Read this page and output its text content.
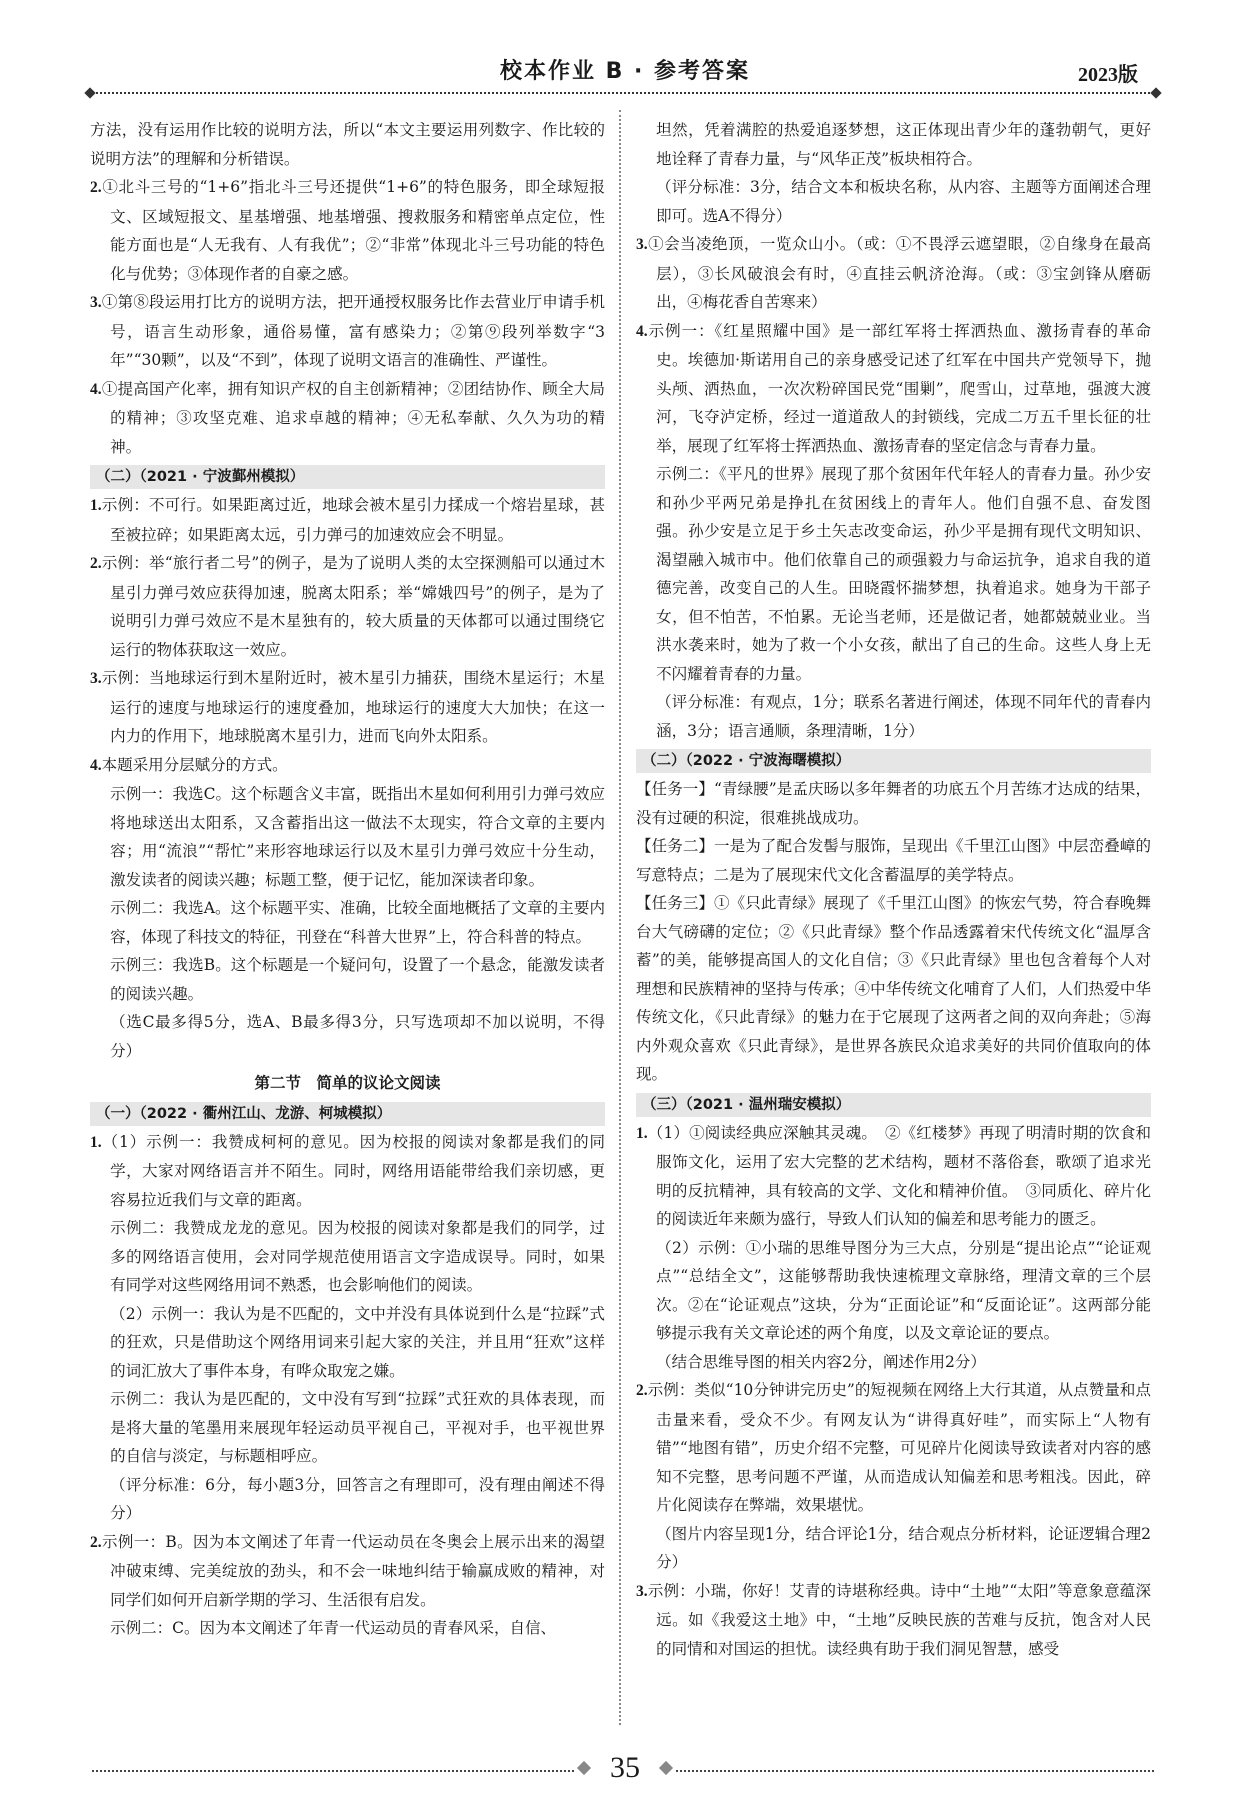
校本作业 B · 参考答案	2023版

方法，没有运用作比较的说明方法，所以“本文主要运用列数字、作比较的说明方法”的理解和分析错误。

2.①北斗三号的“1+6”指北斗三号还提供“1+6”的特色服务，即全球短报文、区域短报文、星基增强、地基增强、搜救服务和精密单点定位，性能方面也是“人无我有、人有我优”；②“非常”体现北斗三号功能的特色化与优势；③体现作者的自豪之感。

3.①第⑧段运用打比方的说明方法，把开通授权服务比作去营业厅申请手机号，语言生动形象，通俗易懂，富有感染力；②第⑨段列举数字“3年”“30颗”，以及“不到”，体现了说明文语言的准确性、严谨性。

4.①提高国产化率，拥有知识产权的自主创新精神；②团结协作、顾全大局的精神；③攻坚克难、追求卓越的精神；④无私奉献、久久为功的精神。

（二）（2021 · 宁波鄞州模拟）

1.示例：不可行。如果距离过近，地球会被木星引力揉成一个熔岩星球，甚至被拉碎；如果距离太远，引力弹弓的加速效应会不明显。

2.示例：举“旅行者二号”的例子，是为了说明人类的太空探测船可以通过木星引力弹弓效应获得加速，脱离太阳系；举“嫦娥四号”的例子，是为了说明引力弹弓效应不是木星独有的，较大质量的天体都可以通过围绕它运行的物体获取这一效应。

3.示例：当地球运行到木星附近时，被木星引力捕获，围绕木星运行；木星运行的速度与地球运行的速度叠加，地球运行的速度大大加快；在这一内力的作用下，地球脱离木星引力，进而飞向外太阳系。

4.本题采用分层赋分的方式。

示例一：我选C。这个标题含义丰富，既指出木星如何利用引力弹弓效应将地球送出太阳系，又含蓄指出这一做法不太现实，符合文章的主要内容；用“流浪”“帮忙”来形容地球运行以及木星引力弹弓效应十分生动，激发读者的阅读兴趣；标题工整，便于记忆，能加深读者印象。

示例二：我选A。这个标题平实、准确，比较全面地概括了文章的主要内容，体现了科技文的特征，刊登在“科普大世界”上，符合科普的特点。

示例三：我选B。这个标题是一个疑问句，设置了一个悬念，能激发读者的阅读兴趣。

（选C最多得5分，选A、B最多得3分，只写选项却不加以说明，不得分）

第二节　简单的议论文阅读
（一）（2022 · 衢州江山、龙游、柯城模拟）

1.（1）示例一：我赞成柯柯的意见。因为校报的阅读对象都是我们的同学，大家对网络语言并不陌生。同时，网络用语能带给我们亲切感，更容易拉近我们与文章的距离。

示例二：我赞成龙龙的意见。因为校报的阅读对象都是我们的同学，过多的网络语言使用，会对同学规范使用语言文字造成误导。同时，如果有同学对这些网络用词不熟悉，也会影响他们的阅读。

（2）示例一：我认为是不匹配的，文中并没有具体说到什么是“拉踩”式的狂欢，只是借助这个网络用词来引起大家的关注，并且用“狂欢”这样的词汇放大了事件本身，有哗众取宠之嫌。

示例二：我认为是匹配的，文中没有写到“拉踩”式狂欢的具体表现，而是将大量的笔墨用来展现年轻运动员平视自己，平视对手，也平视世界的自信与淡定，与标题相呼应。

（评分标准：6分，每小题3分，回答言之有理即可，没有理由阐述不得分）

2.示例一：B。因为本文阐述了年青一代运动员在冬奥会上展示出来的渴望冲破束缚、完美绽放的劲头，和不会一味地纠结于输赢成败的精神，对同学们如何开启新学期的学习、生活很有启发。

示例二：C。因为本文阐述了年青一代运动员的青春风采，自信、

坦然，凭着满腔的热爱追逐梦想，这正体现出青少年的蓬勃朝气，更好地诠释了青春力量，与“风华正茂”板块相符合。

（评分标准：3分，结合文本和板块名称，从内容、主题等方面阐述合理即可。选A不得分）

3.①会当凌绝顶，一览众山小。（或：①不畏浮云遮望眼，②自缘身在最高层），③长风破浪会有时，④直挂云帆济沧海。（或：③宝剑锋从磨砺出，④梅花香自苦寒来）

4.示例一：《红星照耀中国》是一部红军将士挥洒热血、激扬青春的革命史。埃德加·斯诺用自己的亲身感受记述了红军在中国共产党领导下，抛头颅、洒热血，一次次粉碎国民党“围剿”，爬雪山，过草地，强渡大渡河，飞夺泸定桥，经过一道道敌人的封锁线，完成二万五千里长征的壮举，展现了红军将士挥洒热血、激扬青春的坚定信念与青春力量。

示例二：《平凡的世界》展现了那个贫困年代年轻人的青春力量。孙少安和孙少平两兄弟是挣扎在贫困线上的青年人。他们自强不息、奋发图强。孙少安是立足于乡土矢志改变命运，孙少平是拥有现代文明知识、渴望融入城市中。他们依靠自己的顽强毅力与命运抗争，追求自我的道德完善，改变自己的人生。田晓霞怀揣梦想，执着追求。她身为干部子女，但不怕苦，不怕累。无论当老师，还是做记者，她都兢兢业业。当洪水袭来时，她为了救一个小女孩，献出了自己的生命。这些人身上无不闪耀着青春的力量。

（评分标准：有观点，1分；联系名著进行阐述，体现不同年代的青春内涵，3分；语言通顺，条理清晰，1分）

（二）（2022 · 宁波海曙模拟）

【任务一】“青绿腰”是孟庆旸以多年舞者的功底五个月苦练才达成的结果，没有过硬的积淀，很难挑战成功。

【任务二】一是为了配合发髻与服饰，呈现出《千里江山图》中层峦叠嶂的写意特点；二是为了展现宋代文化含蓄温厚的美学特点。

【任务三】①《只此青绿》展现了《千里江山图》的恢宏气势，符合春晚舞台大气磅礴的定位；②《只此青绿》整个作品透露着宋代传统文化“温厚含蓄”的美，能够提高国人的文化自信；③《只此青绿》里也包含着每个人对理想和民族精神的坚持与传承；④中华传统文化哺育了人们，人们热爱中华传统文化，《只此青绿》的魅力在于它展现了这两者之间的双向奔赴；⑤海内外观众喜欢《只此青绿》，是世界各族民众追求美好的共同价值取向的体现。

（三）（2021 · 温州瑞安模拟）

1.（1）①阅读经典应深触其灵魂。　②《红楼梦》再现了明清时期的饮食和服饰文化，运用了宏大完整的艺术结构，题材不落俗套，歌颂了追求光明的反抗精神，具有较高的文学、文化和精神价值。　③同质化、碎片化的阅读近年来颇为盛行，导致人们认知的偏差和思考能力的匮乏。

（2）示例：①小瑞的思维导图分为三大点，分别是“提出论点”“论证观点”“总结全文”，这能够帮助我快速梳理文章脉络，理清文章的三个层次。②在“论证观点”这块，分为“正面论证”和“反面论证”。这两部分能够提示我有关文章论述的两个角度，以及文章论证的要点。

（结合思维导图的相关内容2分，阐述作用2分）

2.示例：类似“10分钟讲完历史”的短视频在网络上大行其道，从点赞量和点击量来看，受众不少。有网友认为“讲得真好哇”，而实际上“人物有错”“地图有错”，历史介绍不完整，可见碎片化阅读导致读者对内容的感知不完整，思考问题不严谨，从而造成认知偏差和思考粗浅。因此，碎片化阅读存在弊端，效果堪忧。

（图片内容呈现1分，结合评论1分，结合观点分析材料，论证逻辑合理2分）

3.示例：小瑞，你好！艾青的诗堪称经典。诗中“土地”“太阳”等意象意蕴深远。如《我爱这土地》中，“土地”反映民族的苦难与反抗，饱含对人民的同情和对国运的担忧。读经典有助于我们洞见智慧，感受

35
